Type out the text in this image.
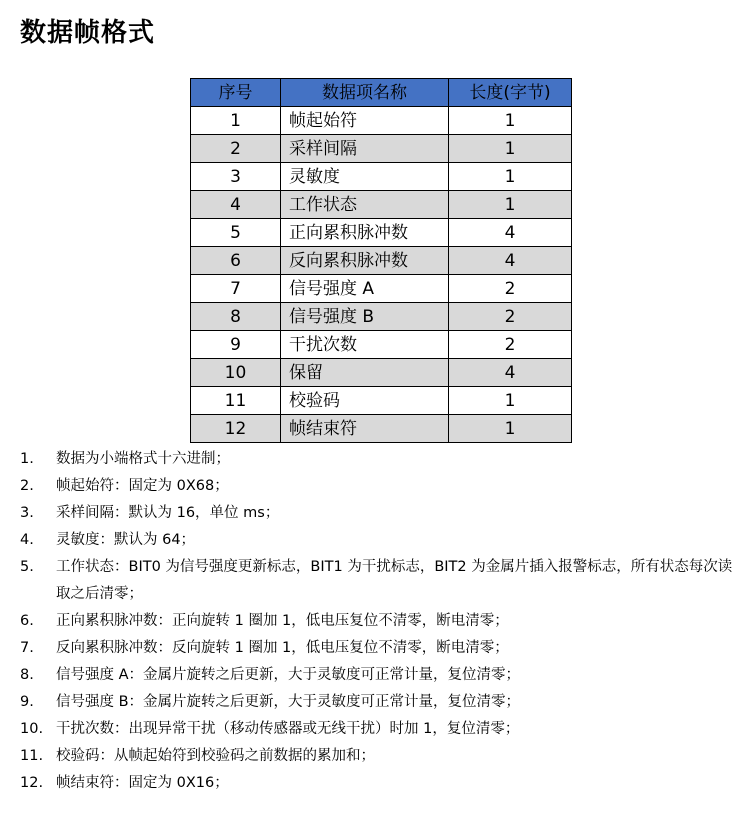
数据帧格式
序号	数据项名称	长度(字节)
1	帧起始符	1
2	采样间隔	1
3	灵敏度	1
4	工作状态	1
5	正向累积脉冲数	4
6	反向累积脉冲数	4
7	信号强度 A	2
8	信号强度 B	2
9	干扰次数	2
10	保留	4
11	校验码	1
12	帧结束符	1
1. 数据为小端格式十六进制；
2. 帧起始符：固定为 0X68；
3. 采样间隔：默认为 16，单位 ms；
4. 灵敏度：默认为 64；
5. 工作状态：BIT0 为信号强度更新标志，BIT1 为干扰标志，BIT2 为金属片插入报警标志，所有状态每次读取之后清零；
6. 正向累积脉冲数：正向旋转 1 圈加 1，低电压复位不清零，断电清零；
7. 反向累积脉冲数：反向旋转 1 圈加 1，低电压复位不清零，断电清零；
8. 信号强度 A：金属片旋转之后更新，大于灵敏度可正常计量，复位清零；
9. 信号强度 B：金属片旋转之后更新，大于灵敏度可正常计量，复位清零；
10. 干扰次数：出现异常干扰（移动传感器或无线干扰）时加 1，复位清零；
11. 校验码：从帧起始符到校验码之前数据的累加和；
12. 帧结束符：固定为 0X16；
